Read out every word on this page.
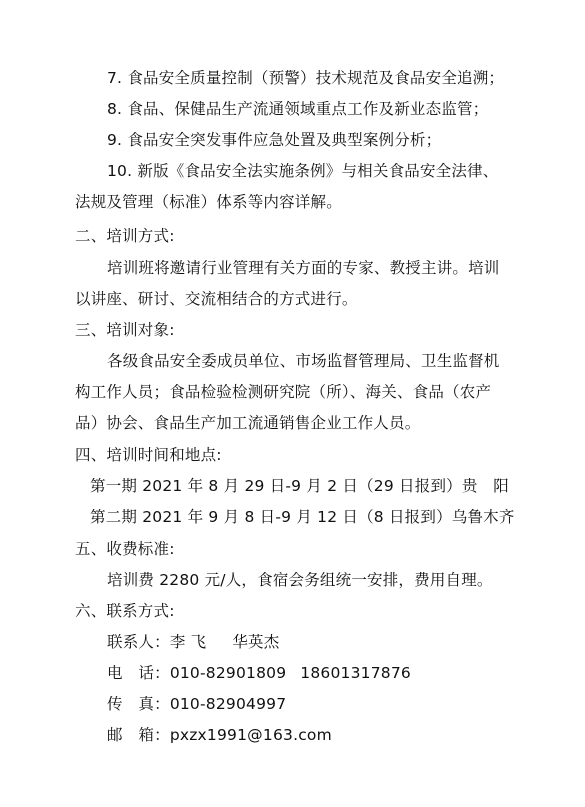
7. 食品安全质量控制（预警）技术规范及食品安全追溯；
8. 食品、保健品生产流通领域重点工作及新业态监管；
9. 食品安全突发事件应急处置及典型案例分析；
10. 新版《食品安全法实施条例》与相关食品安全法律、
法规及管理（标准）体系等内容详解。
二、培训方式:
培训班将邀请行业管理有关方面的专家、教授主讲。培训
以讲座、研讨、交流相结合的方式进行。
三、培训对象:
各级食品安全委成员单位、市场监督管理局、卫生监督机
构工作人员；食品检验检测研究院（所）、海关、食品（农产
品）协会、食品生产加工流通销售企业工作人员。
四、培训时间和地点:
第一期 2021 年 8 月 29 日-9 月 2 日（29 日报到）贵　阳
第二期 2021 年 9 月 8 日-9 月 12 日（8 日报到）乌鲁木齐
五、收费标准:
培训费 2280 元/人，食宿会务组统一安排，费用自理。
六、联系方式:
联系人：李 飞 华英杰
电　话：010-82901809 18601317876
传　真：010-82904997
邮　箱：pxzx1991@163.com
